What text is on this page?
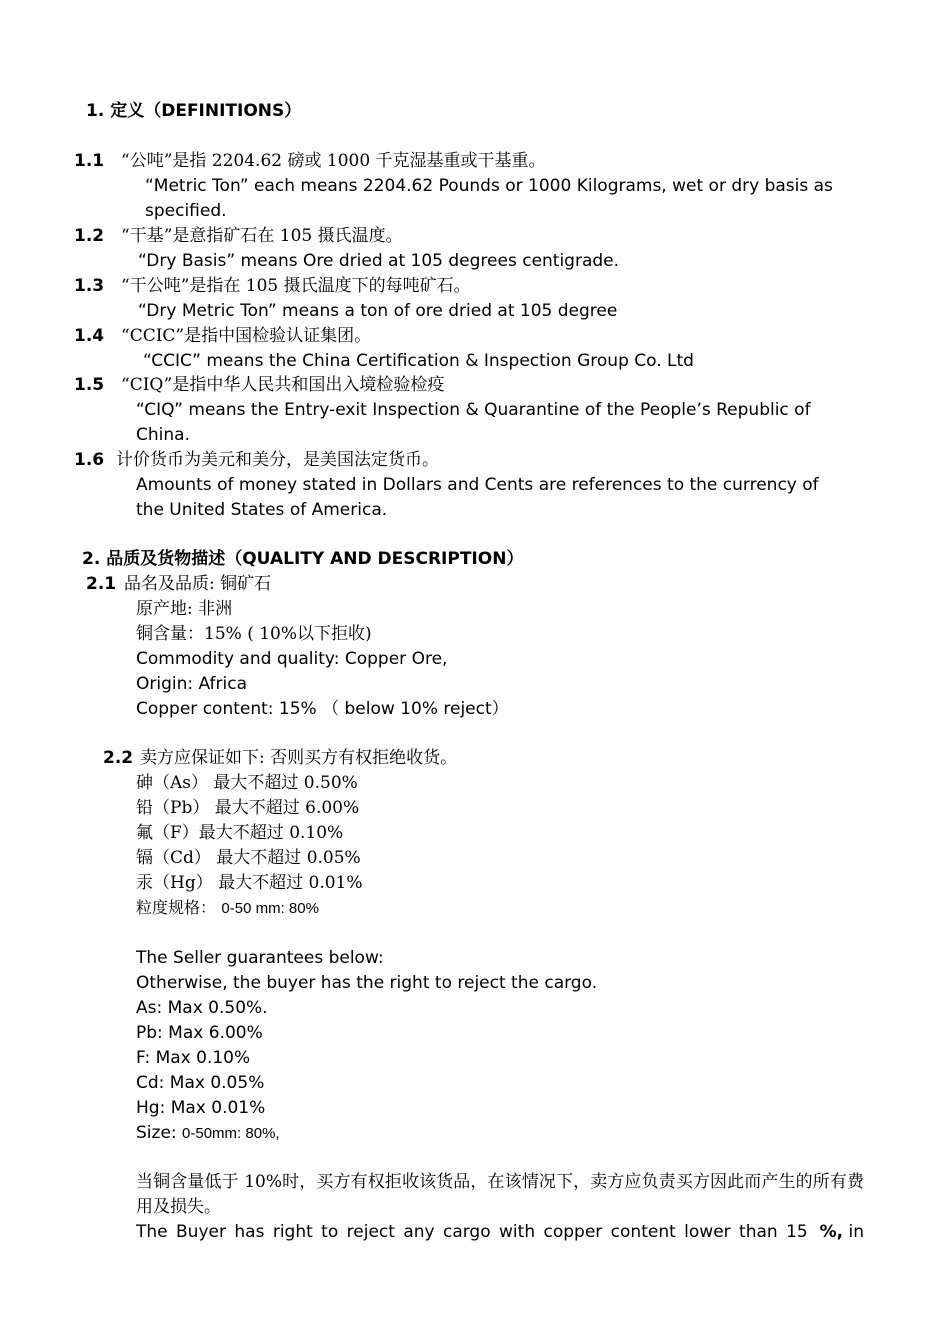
1. 定义（DEFINITIONS）
1.1 “公吨”是指 2204.62 磅或 1000 千克湿基重或干基重。
“Metric Ton” each means 2204.62 Pounds or 1000 Kilograms, wet or dry basis as
specified.
1.2 “干基”是意指矿石在 105 摄氏温度。
“Dry Basis” means Ore dried at 105 degrees centigrade.
1.3 “干公吨”是指在 105 摄氏温度下的每吨矿石。
“Dry Metric Ton” means a ton of ore dried at 105 degree
1.4 “CCIC”是指中国检验认证集团。
“CCIC” means the China Certification & Inspection Group Co. Ltd
1.5 “CIQ”是指中华人民共和国出入境检验检疫
“CIQ” means the Entry-exit Inspection & Quarantine of the People’s Republic of
China.
1.6 计价货币为美元和美分，是美国法定货币。
Amounts of money stated in Dollars and Cents are references to the currency of
the United States of America.
2. 品质及货物描述（QUALITY AND DESCRIPTION）
2.1 品名及品质: 铜矿石
原产地: 非洲
铜含量：15% ( 10%以下拒收)
Commodity and quality: Copper Ore,
Origin: Africa
Copper content: 15% （ below 10% reject）
2.2 卖方应保证如下: 否则买方有权拒绝收货。
砷（As） 最大不超过 0.50%
铅（Pb） 最大不超过 6.00%
氟（F）最大不超过 0.10%
镉（Cd） 最大不超过 0.05%
汞（Hg） 最大不超过 0.01%
粒度规格： 0-50 mm: 80%
The Seller guarantees below:
Otherwise, the buyer has the right to reject the cargo.
As: Max 0.50%.
Pb: Max 6.00%
F: Max 0.10%
Cd: Max 0.05%
Hg: Max 0.01%
Size: 0-50mm: 80%,
当铜含量低于 10%时，买方有权拒收该货品，在该情况下，卖方应负责买方因此而产生的所有费
用及损失。
The Buyer has right to reject any cargo with copper content lower than 15 %, in
